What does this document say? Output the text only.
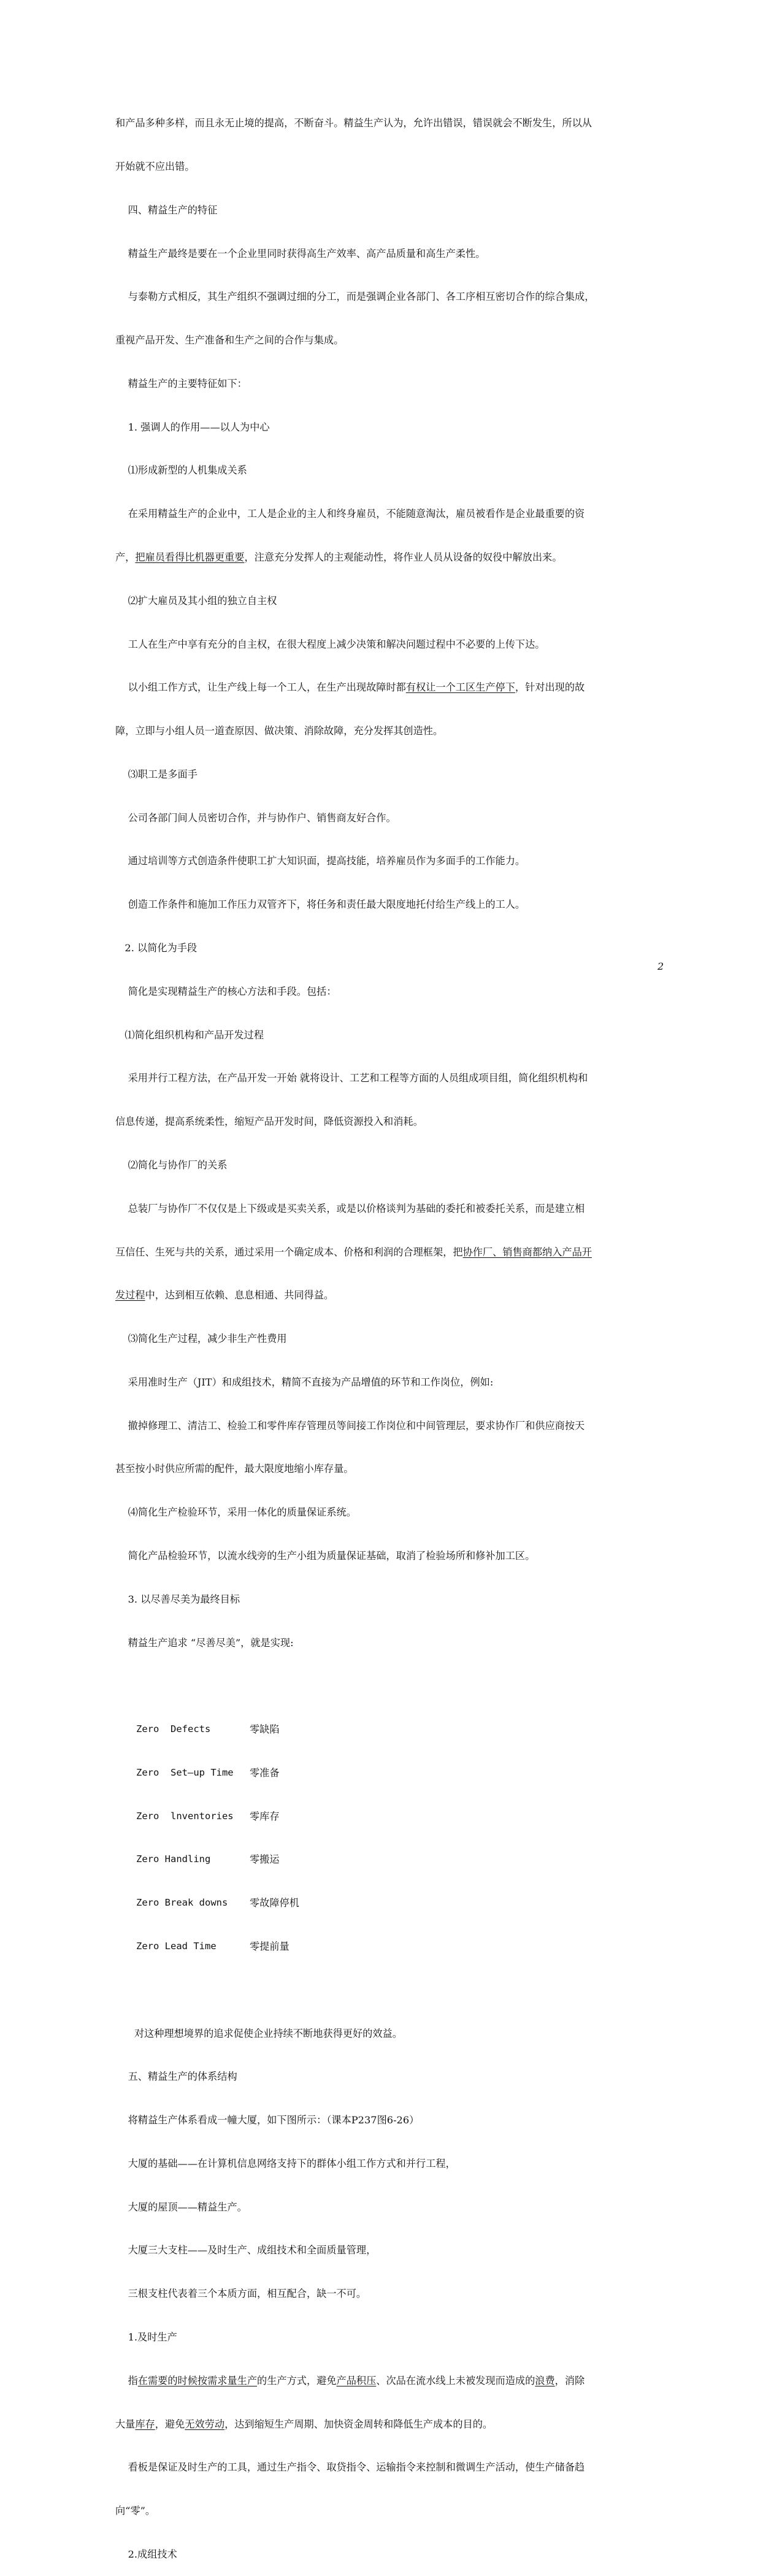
和产品多种多样，而且永无止境的提高，不断奋斗。精益生产认为，允许出错误，错误就会不断发生，所以从

开始就不应出错。

四、精益生产的特征

精益生产最终是要在一个企业里同时获得高生产效率、高产品质量和高生产柔性。

与泰勒方式相反，其生产组织不强调过细的分工，而是强调企业各部门、各工序相互密切合作的综合集成，

重视产品开发、生产准备和生产之间的合作与集成。

精益生产的主要特征如下：

1. 强调人的作用——以人为中心

⑴形成新型的人机集成关系

在采用精益生产的企业中，工人是企业的主人和终身雇员，不能随意淘汰，雇员被看作是企业最重要的资

产，把雇员看得比机器更重要，注意充分发挥人的主观能动性，将作业人员从设备的奴役中解放出来。

⑵扩大雇员及其小组的独立自主权

工人在生产中享有充分的自主权，在很大程度上减少决策和解决问题过程中不必要的上传下达。

以小组工作方式，让生产线上每一个工人，在生产出现故障时都有权让一个工区生产停下，针对出现的故

障，立即与小组人员一道查原因、做决策、消除故障，充分发挥其创造性。

⑶职工是多面手

公司各部门间人员密切合作，并与协作户、销售商友好合作。

通过培训等方式创造条件使职工扩大知识面，提高技能，培养雇员作为多面手的工作能力。

创造工作条件和施加工作压力双管齐下，将任务和责任最大限度地托付给生产线上的工人。

2. 以简化为手段

简化是实现精益生产的核心方法和手段。包括：

⑴简化组织机构和产品开发过程

采用并行工程方法，在产品开发一开始 就将设计、工艺和工程等方面的人员组成项目组，简化组织机构和

信息传递，提高系统柔性，缩短产品开发时间，降低资源投入和消耗。

⑵简化与协作厂的关系

总装厂与协作厂不仅仅是上下级或是买卖关系，或是以价格谈判为基础的委托和被委托关系，而是建立相

互信任、生死与共的关系，通过采用一个确定成本、价格和利润的合理框架，把协作厂、销售商都纳入产品开

发过程中，达到相互依赖、息息相通、共同得益。

⑶简化生产过程，减少非生产性费用

采用准时生产（JIT）和成组技术，精简不直接为产品增值的环节和工作岗位，例如:

撤掉修理工、清洁工、检验工和零件库存管理员等间接工作岗位和中间管理层，要求协作厂和供应商按天

甚至按小时供应所需的配件，最大限度地缩小库存量。

⑷简化生产检验环节，采用一体化的质量保证系统。

简化产品检验环节，以流水线旁的生产小组为质量保证基础，取消了检验场所和修补加工区。

3. 以尽善尽美为最终目标

精益生产追求 “尽善尽美”，就是实现:

Zero  Defects	零缺陷

Zero  Set—up Time	零准备

Zero  lnventories	零库存

Zero Handling	零搬运

Zero Break downs	零故障停机

Zero Lead Time	零提前量

对这种理想境界的追求促使企业持续不断地获得更好的效益。

五、精益生产的体系结构

将精益生产体系看成一幢大厦，如下图所示：（课本P237图6-26）

大厦的基础——在计算机信息网络支持下的群体小组工作方式和并行工程，

大厦的屋顶——精益生产。

大厦三大支柱——及时生产、成组技术和全面质量管理，

三根支柱代表着三个本质方面，相互配合，缺一不可。

1.及时生产

指在需要的时候按需求量生产的生产方式，避免产品积压、次品在流水线上未被发现而造成的浪费，消除

大量库存，避免无效劳动，达到缩短生产周期、加快资金周转和降低生产成本的目的。

看板是保证及时生产的工具，通过生产指令、取贷指令、运输指令来控制和微调生产活动，使生产储备趋

向“零”。

2.成组技术

2
